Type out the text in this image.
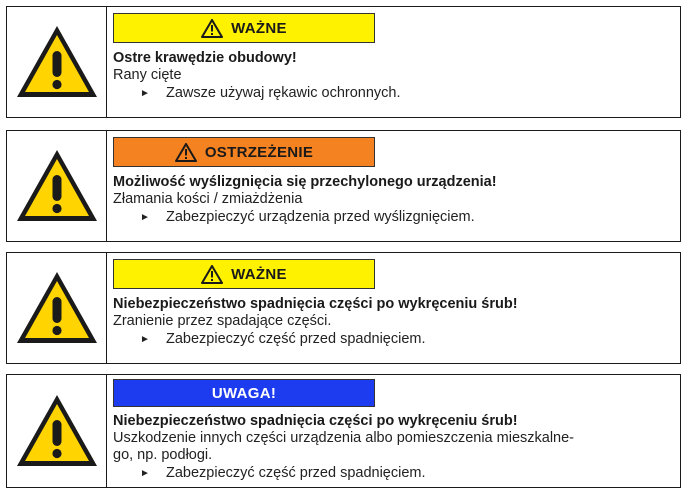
WAŻNE
Ostre krawędzie obudowy!
Rany cięte
► Zawsze używaj rękawic ochronnych.
OSTRZEŻENIE
Możliwość wyślizgnięcia się przechylonego urządzenia!
Złamania kości / zmiażdżenia
► Zabezpieczyć urządzenia przed wyślizgnięciem.
WAŻNE
Niebezpieczeństwo spadnięcia części po wykręceniu śrub!
Zranienie przez spadające części.
► Zabezpieczyć część przed spadnięciem.
UWAGA!
Niebezpieczeństwo spadnięcia części po wykręceniu śrub!
Uszkodzenie innych części urządzenia albo pomieszczenia mieszkalne-
go, np. podłogi.
► Zabezpieczyć część przed spadnięciem.
